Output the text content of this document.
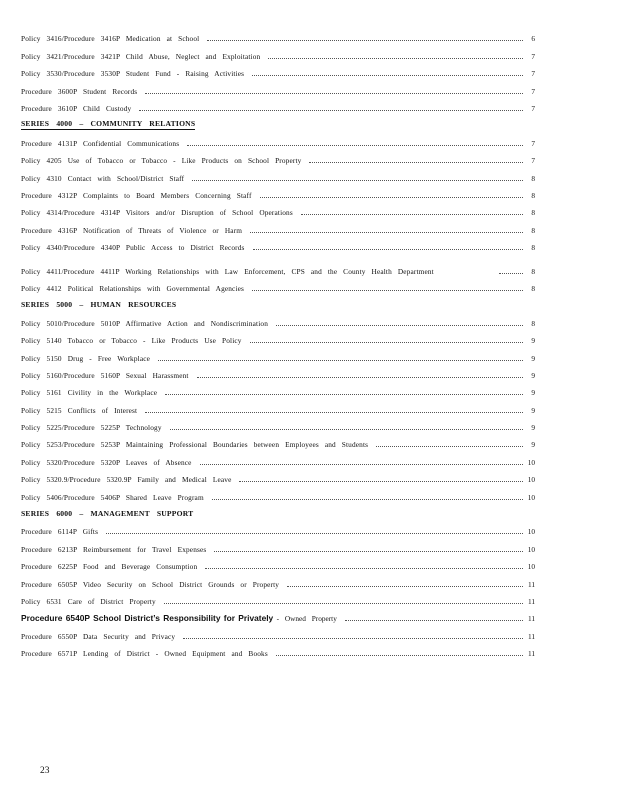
Policy 3416/Procedure 3416P Medication at School	6
Policy 3421/Procedure 3421P Child Abuse, Neglect and Exploitation	7
Policy 3530/Procedure 3530P Student Fund - Raising Activities	7
Procedure 3600P Student Records	7
Procedure 3610P Child Custody	7
SERIES 4000 – COMMUNITY RELATIONS
Procedure 4131P Confidential Communications	7
Policy 4205 Use of Tobacco or Tobacco - Like Products on School Property	7
Policy 4310 Contact with School/District Staff	8
Procedure 4312P Complaints to Board Members Concerning Staff	8
Policy 4314/Procedure 4314P Visitors and/or Disruption of School Operations	8
Procedure 4316P Notification of Threats of Violence or Harm	8
Policy 4340/Procedure 4340P Public Access to District Records	8
Policy 4411/Procedure 4411P Working Relationships with Law Enforcement, CPS and the County Health Department	8
Policy 4412 Political Relationships with Governmental Agencies	8
SERIES 5000 – HUMAN RESOURCES
Policy 5010/Procedure 5010P Affirmative Action and Nondiscrimination	8
Policy 5140 Tobacco or Tobacco - Like Products Use Policy	9
Policy 5150 Drug - Free Workplace	9
Policy 5160/Procedure 5160P Sexual Harassment	9
Policy 5161 Civility in the Workplace	9
Policy 5215 Conflicts of Interest	9
Policy 5225/Procedure 5225P Technology	9
Policy 5253/Procedure 5253P Maintaining Professional Boundaries between Employees and Students	9
Policy 5320/Procedure 5320P Leaves of Absence	10
Policy 5320.9/Procedure 5320.9P Family and Medical Leave	10
Policy 5406/Procedure 5406P Shared Leave Program	10
SERIES 6000 – MANAGEMENT SUPPORT
Procedure 6114P Gifts	10
Procedure 6213P Reimbursement for Travel Expenses	10
Procedure 6225P Food and Beverage Consumption	10
Procedure 6505P Video Security on School District Grounds or Property	11
Policy 6531 Care of District Property	11
Procedure 6540P School District’s Responsibility for Privately - Owned Property	11
Procedure 6550P Data Security and Privacy	11
Procedure 6571P Lending of District - Owned Equipment and Books	11
23
